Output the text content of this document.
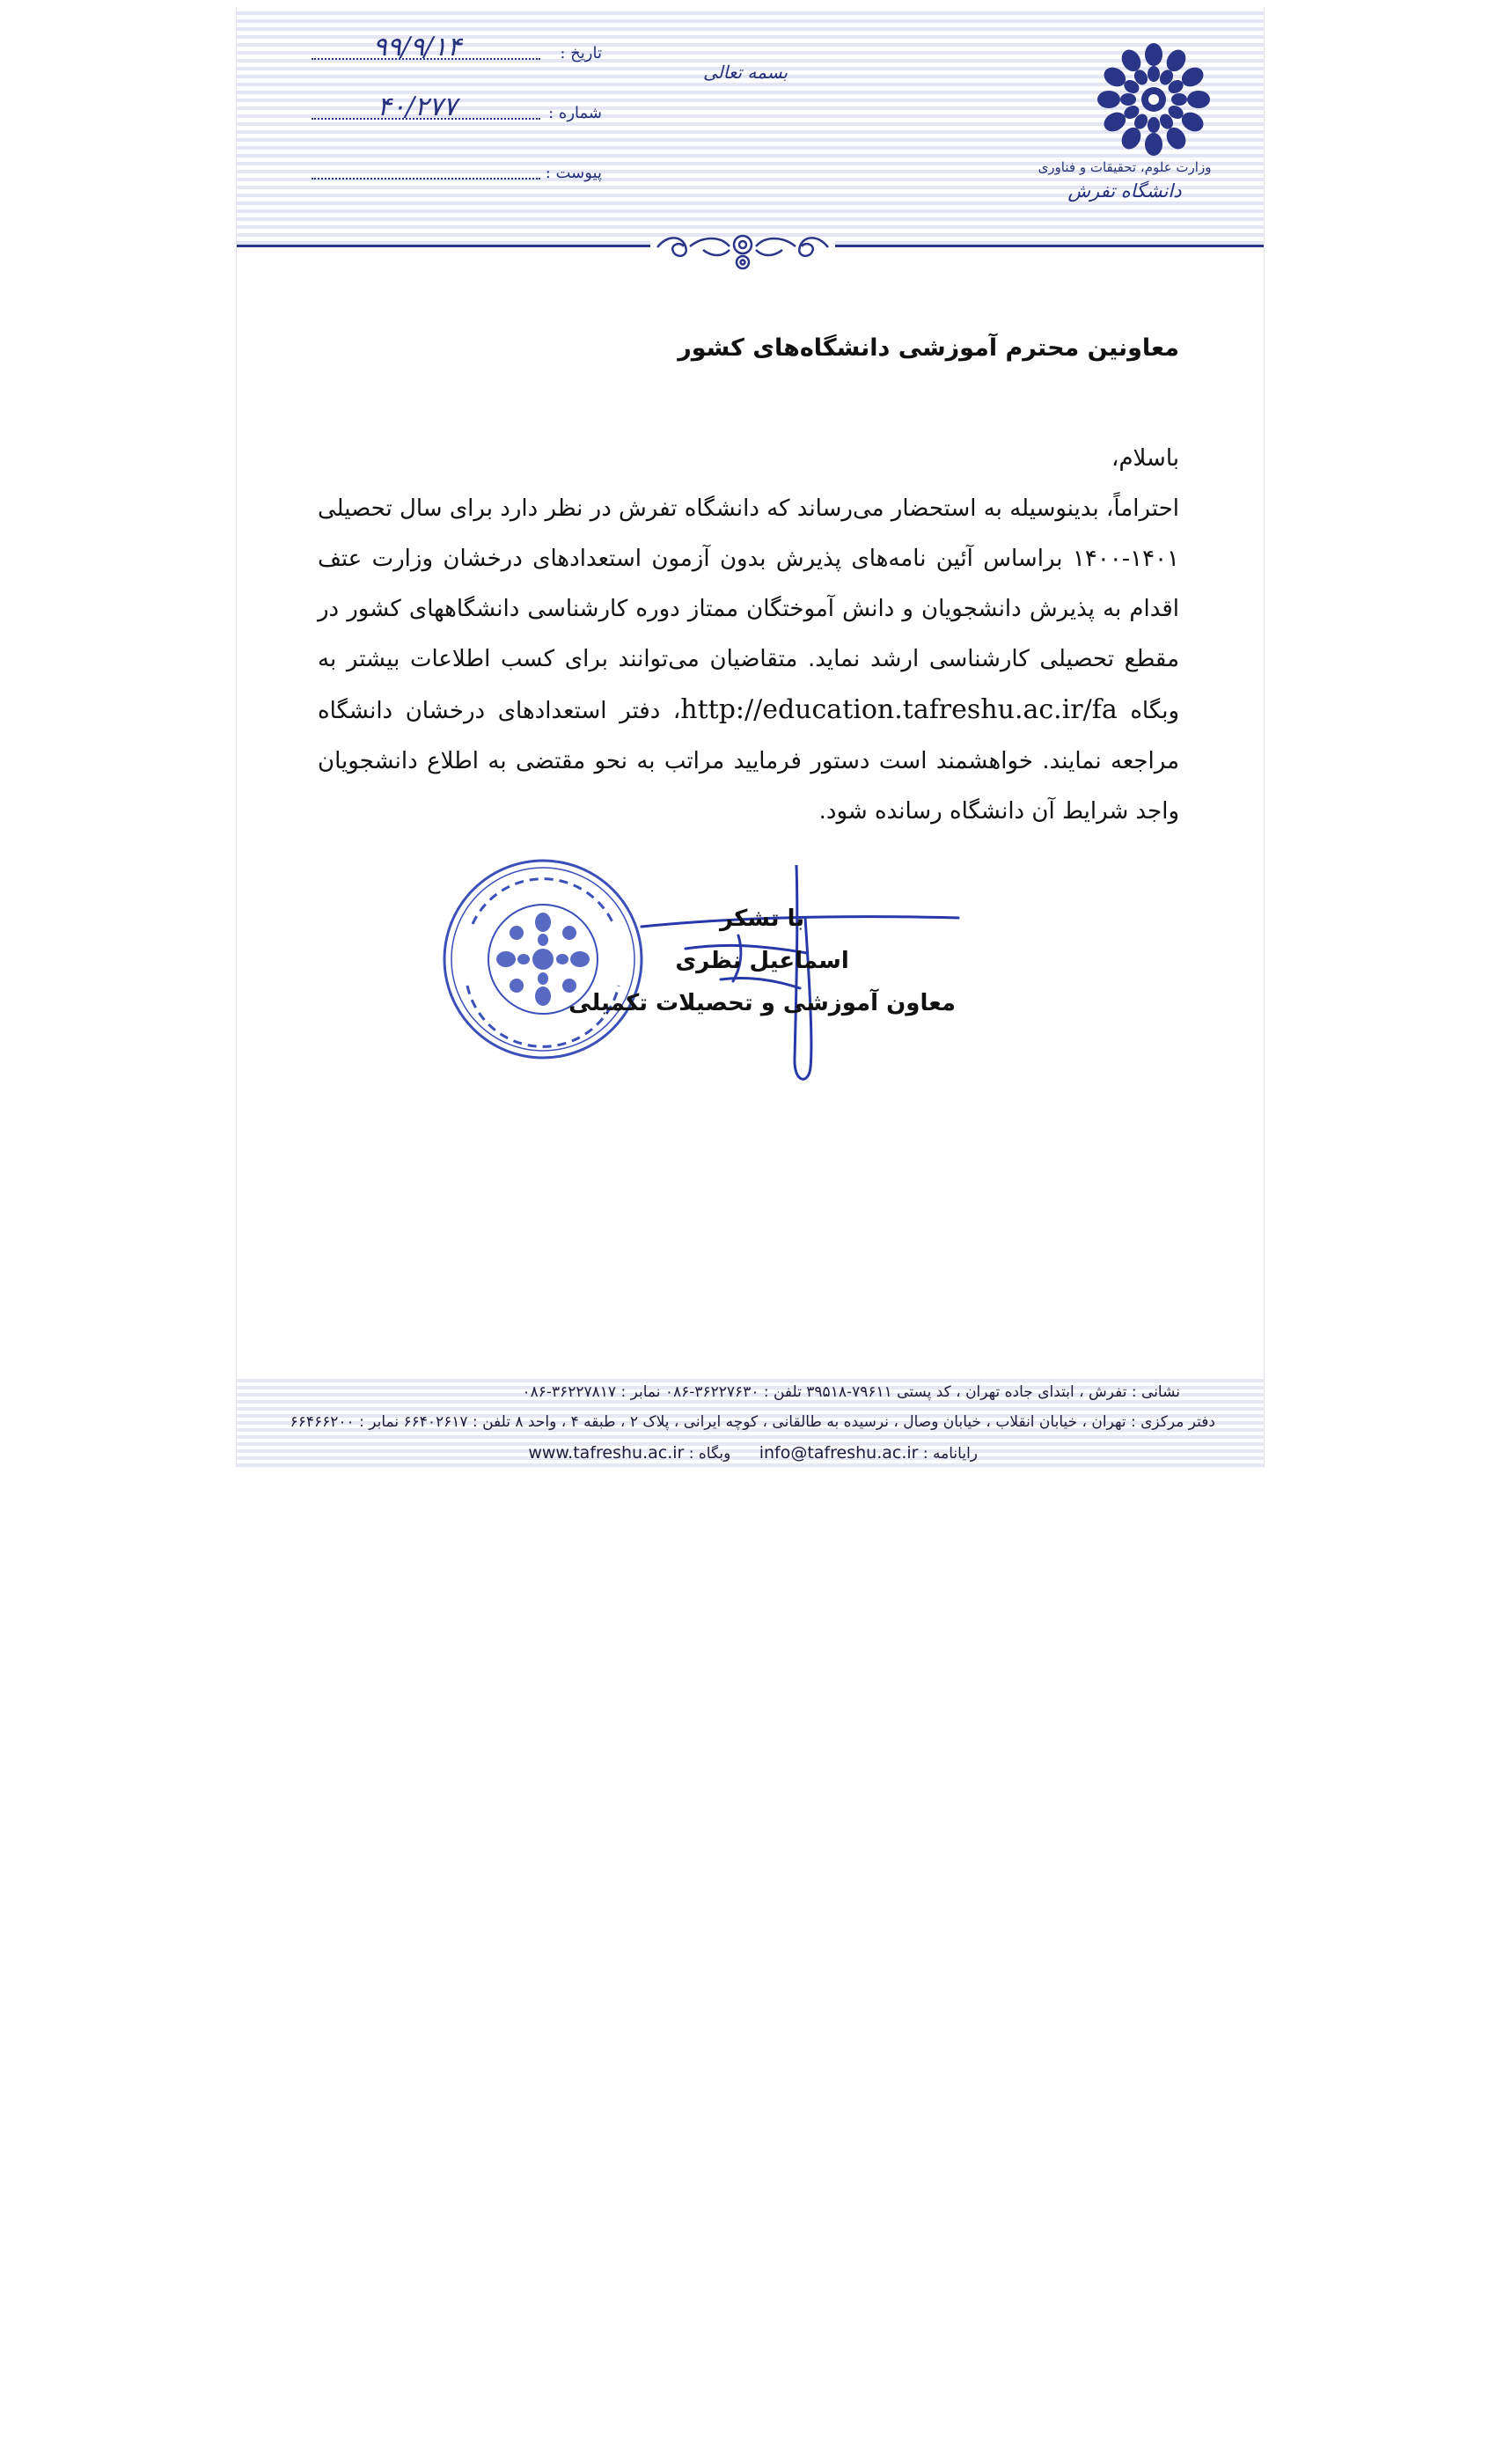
وزارت علوم، تحقیقات و فناوری
دانشگاه تفرش
بسمه تعالی
تاریخ :
۹۹/۹/۱۴
شماره :
۴۰/۲۷۷
پیوست :
معاونین محترم آموزشی دانشگاه‌های کشور

باسلام،

احتراماً، بدینوسیله به استحضار می‌رساند که دانشگاه تفرش در نظر دارد برای سال تحصیلی ۱۴۰۱-۱۴۰۰ براساس آئین نامه‌های پذیرش بدون آزمون استعدادهای درخشان وزارت عتف اقدام به پذیرش دانشجویان و دانش آموختگان ممتاز دوره کارشناسی دانشگاههای کشور در مقطع تحصیلی کارشناسی ارشد نماید. متقاضیان می‌توانند برای کسب اطلاعات بیشتر به وبگاه http://education.tafreshu.ac.ir/fa، دفتر استعدادهای درخشان دانشگاه مراجعه نمایند. خواهشمند است دستور فرمایید مراتب به نحو مقتضی به اطلاع دانشجویان واجد شرایط آن دانشگاه رسانده شود.

با تشکر
اسماعیل نظری
معاون آموزشی و تحصیلات تکمیلی
نشانی : تفرش ، ابتدای جاده تهران ، کد پستی ۷۹۶۱۱-۳۹۵۱۸ تلفن : ۳۶۲۲۷۶۳۰-۰۸۶ نمابر : ۳۶۲۲۷۸۱۷-۰۸۶
دفتر مرکزی : تهران ، خیابان انقلاب ، خیابان وصال ، نرسیده به طالقانی ، کوچه ایرانی ، پلاک ۲ ، طبقه ۴ ، واحد ۸ تلفن : ۶۶۴۰۲۶۱۷ نمابر : ۶۶۴۶۶۲۰۰
رایانامه : info@tafreshu.ac.ir      وبگاه : www.tafreshu.ac.ir
